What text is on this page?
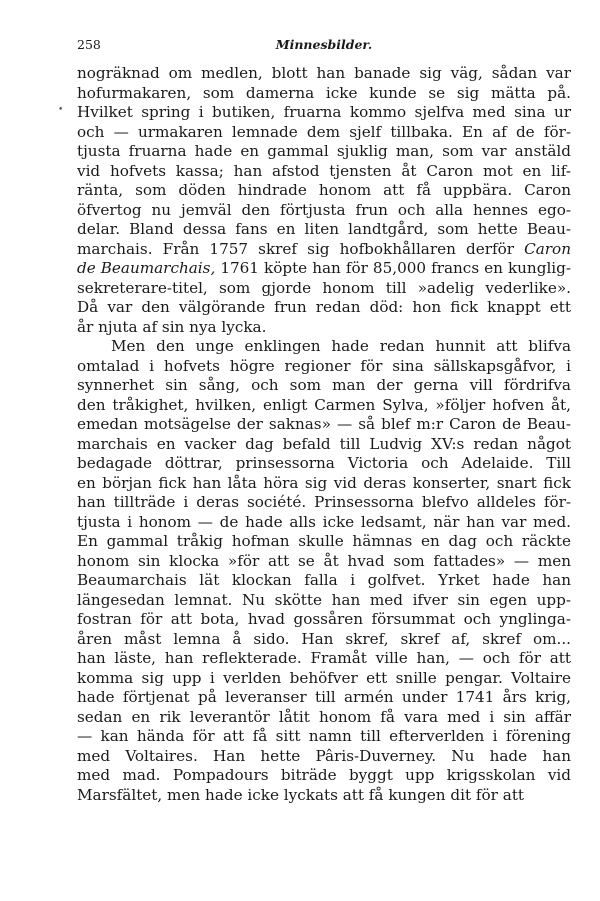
258	Minnesbilder.
•
nogräknad om medlen, blott han banade sig väg, sådan var
hofurmakaren, som damerna icke kunde se sig mätta på.
Hvilket spring i butiken, fruarna kommo sjelfva med sina ur
och — urmakaren lemnade dem sjelf tillbaka. En af de för-
tjusta fruarna hade en gammal sjuklig man, som var anstäld
vid hofvets kassa; han afstod tjensten åt Caron mot en lif-
ränta, som döden hindrade honom att få uppbära. Caron
öfvertog nu jemväl den förtjusta frun och alla hennes ego-
delar. Bland dessa fans en liten landtgård, som hette Beau-
marchais. Från 1757 skref sig hofbokhållaren derför Caron
de Beaumarchais, 1761 köpte han för 85,000 francs en kunglig-
sekreterare-titel, som gjorde honom till »adelig vederlike».
Då var den välgörande frun redan död: hon fick knappt ett
år njuta af sin nya lycka.
Men den unge enklingen hade redan hunnit att blifva
omtalad i hofvets högre regioner för sina sällskapsgåfvor, i
synnerhet sin sång, och som man der gerna vill fördrifva
den tråkighet, hvilken, enligt Carmen Sylva, »följer hofven åt,
emedan motsägelse der saknas» — så blef m:r Caron de Beau-
marchais en vacker dag befald till Ludvig XV:s redan något
bedagade döttrar, prinsessorna Victoria och Adelaide. Till
en början fick han låta höra sig vid deras konserter, snart fick
han tillträde i deras société. Prinsessorna blefvo alldeles för-
tjusta i honom — de hade alls icke ledsamt, när han var med.
En gammal tråkig hofman skulle hämnas en dag och räckte
honom sin klocka »för att se åt hvad som fattades» — men
Beaumarchais lät klockan falla i golfvet. Yrket hade han
längesedan lemnat. Nu skötte han med ifver sin egen upp-
fostran för att bota, hvad gossåren försummat och ynglinga-
åren måst lemna å sido. Han skref, skref af, skref om...
han läste, han reflekterade. Framåt ville han, — och för att
komma sig upp i verlden behöfver ett snille pengar. Voltaire
hade förtjenat på leveranser till armén under 1741 års krig,
sedan en rik leverantör låtit honom få vara med i sin affär
— kan hända för att få sitt namn till efterverlden i förening
med Voltaires. Han hette Pâris-Duverney. Nu hade han
med mad. Pompadours biträde byggt upp krigsskolan vid
Marsfältet, men hade icke lyckats att få kungen dit för att
